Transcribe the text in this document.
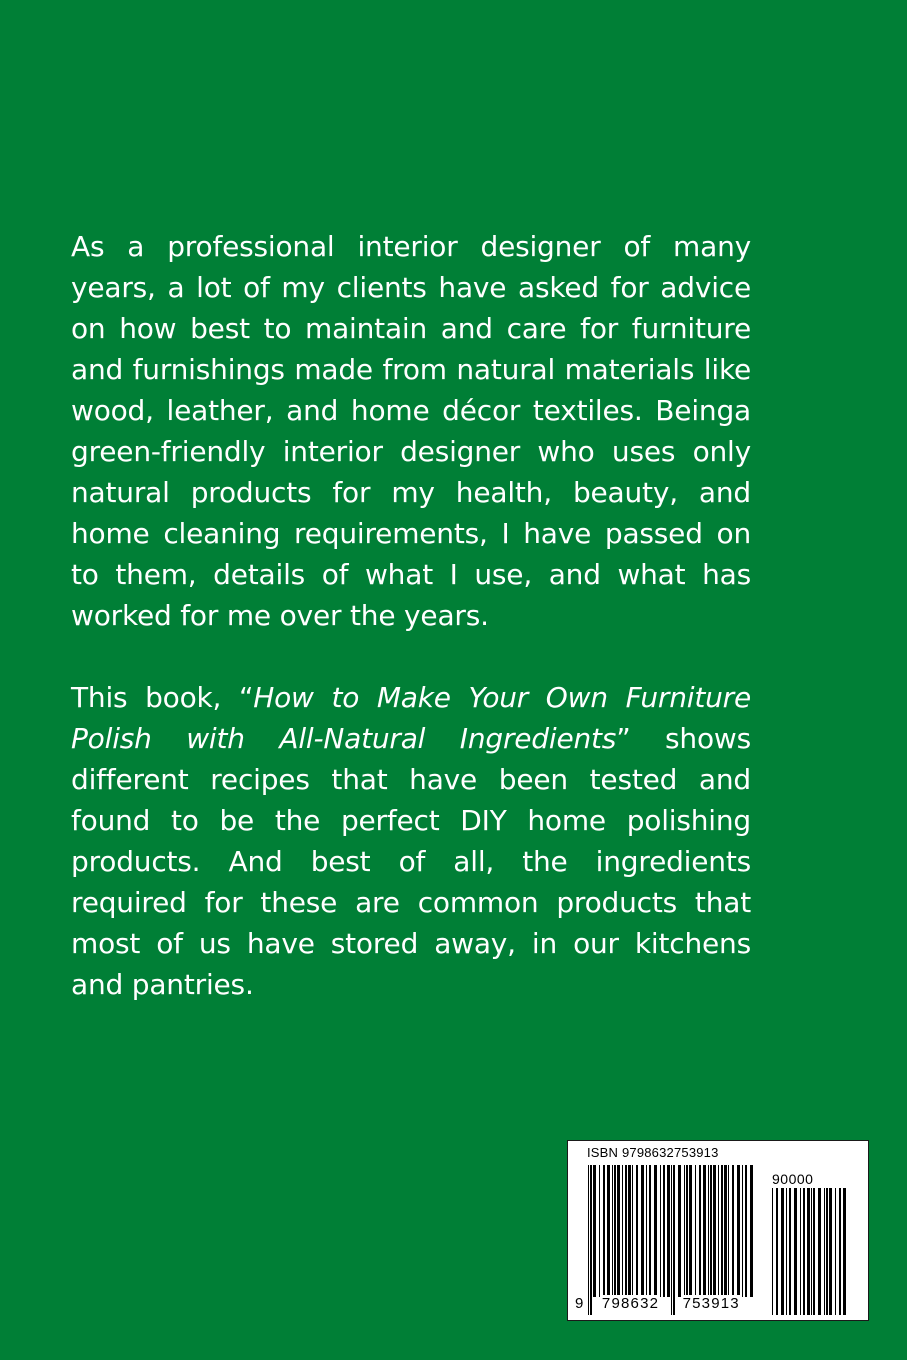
As a professional interior designer of many years, a lot of my clients have asked for advice on how best to maintain and care for furniture and furnishings made from natural materials like wood, leather, and home décor textiles. Beinga green-friendly interior designer who uses only natural products for my health, beauty, and home cleaning requirements, I have passed on to them, details of what I use, and what has worked for me over the years.

This book, “How to Make Your Own Furniture Polish with All-Natural Ingredients” shows different recipes that have been tested and found to be the perfect DIY home polishing products. And best of all, the ingredients required for these are common products that most of us have stored away, in our kitchens and pantries.

ISBN 9798632753913
90000
9 798632 753913
